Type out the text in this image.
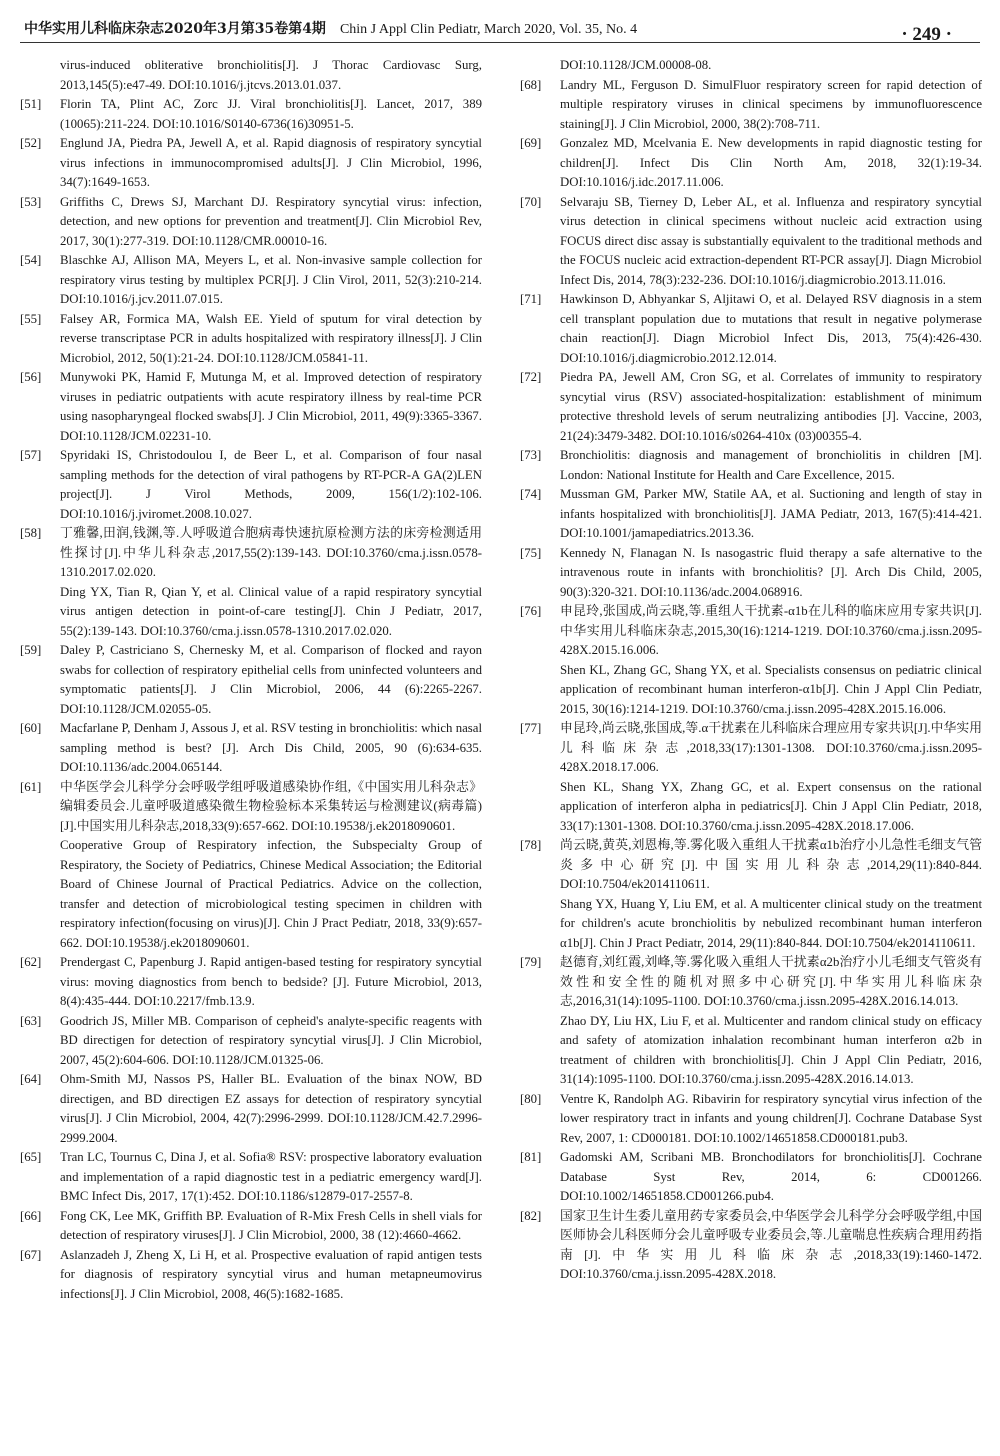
中华实用儿科临床杂志2020年3月第35卷第4期 Chin J Appl Clin Pediatr, March 2020, Vol. 35, No. 4	· 249 ·
virus-induced obliterative bronchiolitis[J]. J Thorac Cardiovasc Surg, 2013,145(5):e47-49. DOI:10.1016/j.jtcvs.2013.01.037.
[51]	Florin TA, Plint AC, Zorc JJ. Viral bronchiolitis[J]. Lancet, 2017, 389 (10065):211-224. DOI:10.1016/S0140-6736(16)30951-5.
[52]	Englund JA, Piedra PA, Jewell A, et al. Rapid diagnosis of respiratory syncytial virus infections in immunocompromised adults[J]. J Clin Microbiol, 1996, 34(7):1649-1653.
[53]	Griffiths C, Drews SJ, Marchant DJ. Respiratory syncytial virus: infection, detection, and new options for prevention and treatment[J]. Clin Microbiol Rev, 2017, 30(1):277-319. DOI:10.1128/CMR.00010-16.
[54]	Blaschke AJ, Allison MA, Meyers L, et al. Non-invasive sample collection for respiratory virus testing by multiplex PCR[J]. J Clin Virol, 2011, 52(3):210-214. DOI:10.1016/j.jcv.2011.07.015.
[55]	Falsey AR, Formica MA, Walsh EE. Yield of sputum for viral detection by reverse transcriptase PCR in adults hospitalized with respiratory illness[J]. J Clin Microbiol, 2012, 50(1):21-24. DOI:10.1128/JCM.05841-11.
[56]	Munywoki PK, Hamid F, Mutunga M, et al. Improved detection of respiratory viruses in pediatric outpatients with acute respiratory illness by real-time PCR using nasopharyngeal flocked swabs[J]. J Clin Microbiol, 2011, 49(9):3365-3367. DOI:10.1128/JCM.02231-10.
[57]	Spyridaki IS, Christodoulou I, de Beer L, et al. Comparison of four nasal sampling methods for the detection of viral pathogens by RT-PCR-A GA(2)LEN project[J]. J Virol Methods, 2009, 156(1/2):102-106. DOI:10.1016/j.jviromet.2008.10.027.
[58]	丁雅馨,田润,钱渊,等.人呼吸道合胞病毒快速抗原检测方法的床旁检测适用性探讨[J].中华儿科杂志,2017,55(2):139-143. DOI:10.3760/cma.j.issn.0578-1310.2017.02.020.
Ding YX, Tian R, Qian Y, et al. Clinical value of a rapid respiratory syncytial virus antigen detection in point-of-care testing[J]. Chin J Pediatr, 2017, 55(2):139-143. DOI:10.3760/cma.j.issn.0578-1310.2017.02.020.
[59]	Daley P, Castriciano S, Chernesky M, et al. Comparison of flocked and rayon swabs for collection of respiratory epithelial cells from uninfected volunteers and symptomatic patients[J]. J Clin Microbiol, 2006, 44 (6):2265-2267. DOI:10.1128/JCM.02055-05.
[60]	Macfarlane P, Denham J, Assous J, et al. RSV testing in bronchiolitis: which nasal sampling method is best? [J]. Arch Dis Child, 2005, 90 (6):634-635. DOI:10.1136/adc.2004.065144.
[61]	中华医学会儿科学分会呼吸学组呼吸道感染协作组,《中国实用儿科杂志》编辑委员会.儿童呼吸道感染微生物检验标本采集转运与检测建议(病毒篇)[J].中国实用儿科杂志,2018,33(9):657-662. DOI:10.19538/j.ek2018090601.
Cooperative Group of Respiratory infection, the Subspecialty Group of Respiratory, the Society of Pediatrics, Chinese Medical Association; the Editorial Board of Chinese Journal of Practical Pediatrics. Advice on the collection, transfer and detection of microbiological testing specimen in children with respiratory infection(focusing on virus)[J]. Chin J Pract Pediatr, 2018, 33(9):657-662. DOI:10.19538/j.ek2018090601.
[62]	Prendergast C, Papenburg J. Rapid antigen-based testing for respiratory syncytial virus: moving diagnostics from bench to bedside? [J]. Future Microbiol, 2013, 8(4):435-444. DOI:10.2217/fmb.13.9.
[63]	Goodrich JS, Miller MB. Comparison of cepheid's analyte-specific reagents with BD directigen for detection of respiratory syncytial virus[J]. J Clin Microbiol, 2007, 45(2):604-606. DOI:10.1128/JCM.01325-06.
[64]	Ohm-Smith MJ, Nassos PS, Haller BL. Evaluation of the binax NOW, BD directigen, and BD directigen EZ assays for detection of respiratory syncytial virus[J]. J Clin Microbiol, 2004, 42(7):2996-2999. DOI:10.1128/JCM.42.7.2996-2999.2004.
[65]	Tran LC, Tournus C, Dina J, et al. Sofia® RSV: prospective laboratory evaluation and implementation of a rapid diagnostic test in a pediatric emergency ward[J]. BMC Infect Dis, 2017, 17(1):452. DOI:10.1186/s12879-017-2557-8.
[66]	Fong CK, Lee MK, Griffith BP. Evaluation of R-Mix Fresh Cells in shell vials for detection of respiratory viruses[J]. J Clin Microbiol, 2000, 38 (12):4660-4662.
[67]	Aslanzadeh J, Zheng X, Li H, et al. Prospective evaluation of rapid antigen tests for diagnosis of respiratory syncytial virus and human metapneumovirus infections[J]. J Clin Microbiol, 2008, 46(5):1682-1685.
DOI:10.1128/JCM.00008-08.
[68]	Landry ML, Ferguson D. SimulFluor respiratory screen for rapid detection of multiple respiratory viruses in clinical specimens by immunofluorescence staining[J]. J Clin Microbiol, 2000, 38(2):708-711.
[69]	Gonzalez MD, Mcelvania E. New developments in rapid diagnostic testing for children[J]. Infect Dis Clin North Am, 2018, 32(1):19-34. DOI:10.1016/j.idc.2017.11.006.
[70]	Selvaraju SB, Tierney D, Leber AL, et al. Influenza and respiratory syncytial virus detection in clinical specimens without nucleic acid extraction using FOCUS direct disc assay is substantially equivalent to the traditional methods and the FOCUS nucleic acid extraction-dependent RT-PCR assay[J]. Diagn Microbiol Infect Dis, 2014, 78(3):232-236. DOI:10.1016/j.diagmicrobio.2013.11.016.
[71]	Hawkinson D, Abhyankar S, Aljitawi O, et al. Delayed RSV diagnosis in a stem cell transplant population due to mutations that result in negative polymerase chain reaction[J]. Diagn Microbiol Infect Dis, 2013, 75(4):426-430. DOI:10.1016/j.diagmicrobio.2012.12.014.
[72]	Piedra PA, Jewell AM, Cron SG, et al. Correlates of immunity to respiratory syncytial virus (RSV) associated-hospitalization: establishment of minimum protective threshold levels of serum neutralizing antibodies [J]. Vaccine, 2003, 21(24):3479-3482. DOI:10.1016/s0264-410x (03)00355-4.
[73]	Bronchiolitis: diagnosis and management of bronchiolitis in children [M]. London: National Institute for Health and Care Excellence, 2015.
[74]	Mussman GM, Parker MW, Statile AA, et al. Suctioning and length of stay in infants hospitalized with bronchiolitis[J]. JAMA Pediatr, 2013, 167(5):414-421. DOI:10.1001/jamapediatrics.2013.36.
[75]	Kennedy N, Flanagan N. Is nasogastric fluid therapy a safe alternative to the intravenous route in infants with bronchiolitis? [J]. Arch Dis Child, 2005, 90(3):320-321. DOI:10.1136/adc.2004.068916.
[76]	申昆玲,张国成,尚云晓,等.重组人干扰素-α1b在儿科的临床应用专家共识[J].中华实用儿科临床杂志,2015,30(16):1214-1219. DOI:10.3760/cma.j.issn.2095-428X.2015.16.006.
Shen KL, Zhang GC, Shang YX, et al. Specialists consensus on pediatric clinical application of recombinant human interferon-α1b[J]. Chin J Appl Clin Pediatr, 2015, 30(16):1214-1219. DOI:10.3760/cma.j.issn.2095-428X.2015.16.006.
[77]	申昆玲,尚云晓,张国成,等.α干扰素在儿科临床合理应用专家共识[J].中华实用儿科临床杂志,2018,33(17):1301-1308. DOI:10.3760/cma.j.issn.2095-428X.2018.17.006.
Shen KL, Shang YX, Zhang GC, et al. Expert consensus on the rational application of interferon alpha in pediatrics[J]. Chin J Appl Clin Pediatr, 2018, 33(17):1301-1308. DOI:10.3760/cma.j.issn.2095-428X.2018.17.006.
[78]	尚云晓,黄英,刘恩梅,等.雾化吸入重组人干扰素α1b治疗小儿急性毛细支气管炎多中心研究[J].中国实用儿科杂志,2014,29(11):840-844. DOI:10.7504/ek2014110611.
Shang YX, Huang Y, Liu EM, et al. A multicenter clinical study on the treatment for children's acute bronchiolitis by nebulized recombinant human interferon α1b[J]. Chin J Pract Pediatr, 2014, 29(11):840-844. DOI:10.7504/ek2014110611.
[79]	赵德育,刘红霞,刘峰,等.雾化吸入重组人干扰素α2b治疗小儿毛细支气管炎有效性和安全性的随机对照多中心研究[J].中华实用儿科临床杂志,2016,31(14):1095-1100. DOI:10.3760/cma.j.issn.2095-428X.2016.14.013.
Zhao DY, Liu HX, Liu F, et al. Multicenter and random clinical study on efficacy and safety of atomization inhalation recombinant human interferon α2b in treatment of children with bronchiolitis[J]. Chin J Appl Clin Pediatr, 2016, 31(14):1095-1100. DOI:10.3760/cma.j.issn.2095-428X.2016.14.013.
[80]	Ventre K, Randolph AG. Ribavirin for respiratory syncytial virus infection of the lower respiratory tract in infants and young children[J]. Cochrane Database Syst Rev, 2007, 1: CD000181. DOI:10.1002/14651858.CD000181.pub3.
[81]	Gadomski AM, Scribani MB. Bronchodilators for bronchiolitis[J]. Cochrane Database Syst Rev, 2014, 6: CD001266. DOI:10.1002/14651858.CD001266.pub4.
[82]	国家卫生计生委儿童用药专家委员会,中华医学会儿科学分会呼吸学组,中国医师协会儿科医师分会儿童呼吸专业委员会,等.儿童喘息性疾病合理用药指南[J].中华实用儿科临床杂志,2018,33(19):1460-1472. DOI:10.3760/cma.j.issn.2095-428X.2018.
